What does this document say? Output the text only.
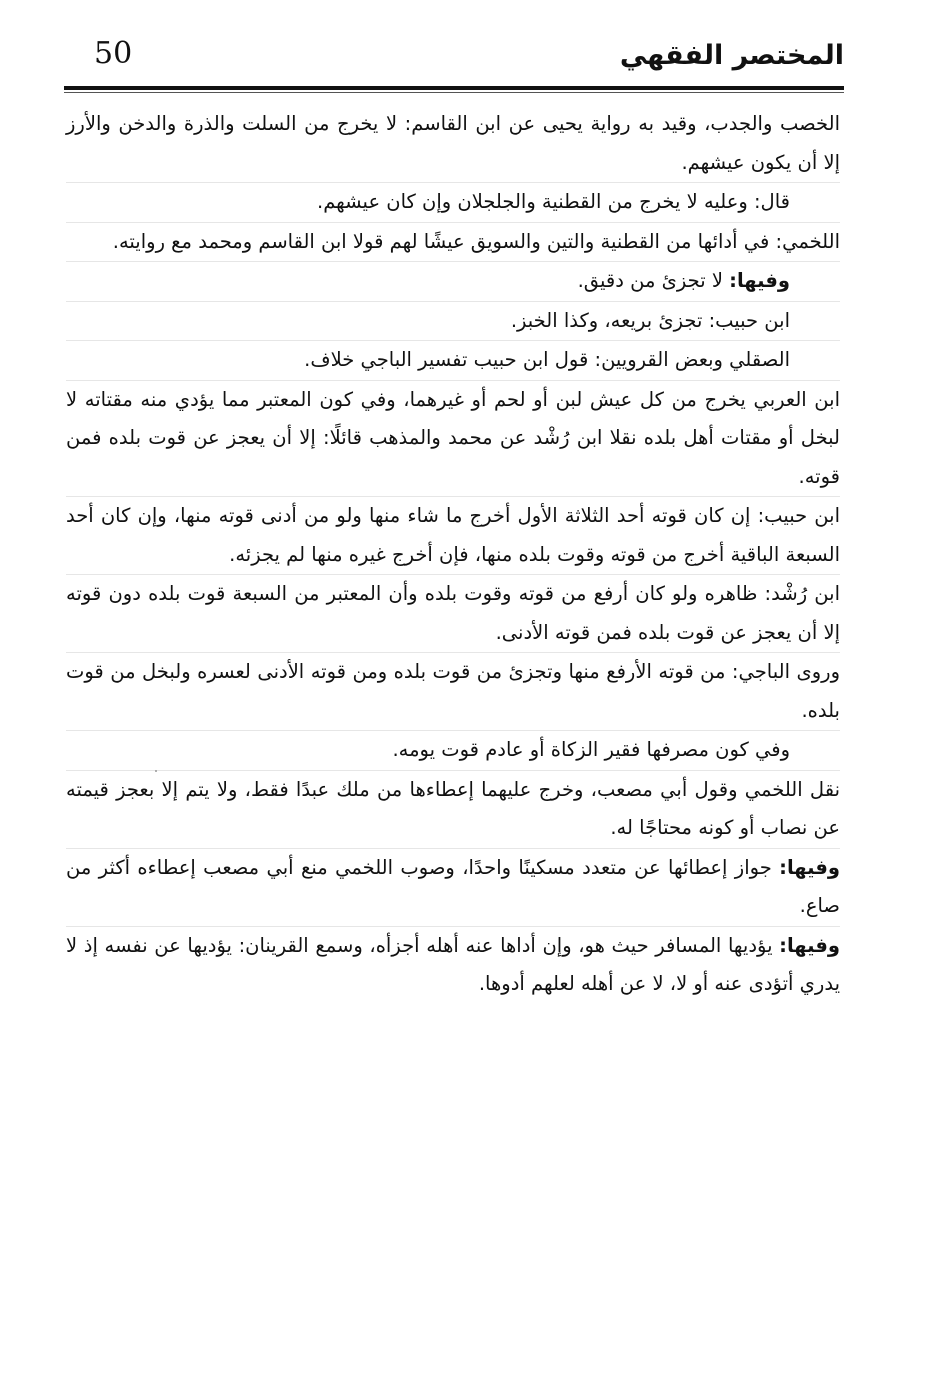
50	المختصر الفقهي

الخصب والجدب، وقيد به رواية يحيى عن ابن القاسم: لا يخرج من السلت والذرة والدخن والأرز إلا أن يكون عيشهم.

قال: وعليه لا يخرج من القطنية والجلجلان وإن كان عيشهم.

اللخمي: في أدائها من القطنية والتين والسويق عيشًا لهم قولا ابن القاسم ومحمد مع روايته.

وفيها: لا تجزئ من دقيق.

ابن حبيب: تجزئ بريعه، وكذا الخبز.

الصقلي وبعض القرويين: قول ابن حبيب تفسير الباجي خلاف.

ابن العربي يخرج من كل عيش لبن أو لحم أو غيرهما، وفي كون المعتبر مما يؤدي منه مقتاته لا لبخل أو مقتات أهل بلده نقلا ابن رُشْد عن محمد والمذهب قائلًا: إلا أن يعجز عن قوت بلده فمن قوته.

ابن حبيب: إن كان قوته أحد الثلاثة الأول أخرج ما شاء منها ولو من أدنى قوته منها، وإن كان أحد السبعة الباقية أخرج من قوته وقوت بلده منها، فإن أخرج غيره منها لم يجزئه.

ابن رُشْد: ظاهره ولو كان أرفع من قوته وقوت بلده وأن المعتبر من السبعة قوت بلده دون قوته إلا أن يعجز عن قوت بلده فمن قوته الأدنى.

وروى الباجي: من قوته الأرفع منها وتجزئ من قوت بلده ومن قوته الأدنى لعسره ولبخل من قوت بلده.

وفي كون مصرفها فقير الزكاة أو عادم قوت يومه.

نقل اللخمي وقول أبي مصعب، وخرج عليهما إعطاءها من ملك عبدًا فقط، ولا يتم إلا بعجز قيمته عن نصاب أو كونه محتاجًا له.

وفيها: جواز إعطائها عن متعدد مسكينًا واحدًا، وصوب اللخمي منع أبي مصعب إعطاءه أكثر من صاع.

وفيها: يؤديها المسافر حيث هو، وإن أداها عنه أهله أجزأه، وسمع القرينان: يؤديها عن نفسه إذ لا يدري أتؤدى عنه أو لا، لا عن أهله لعلهم أدوها.
